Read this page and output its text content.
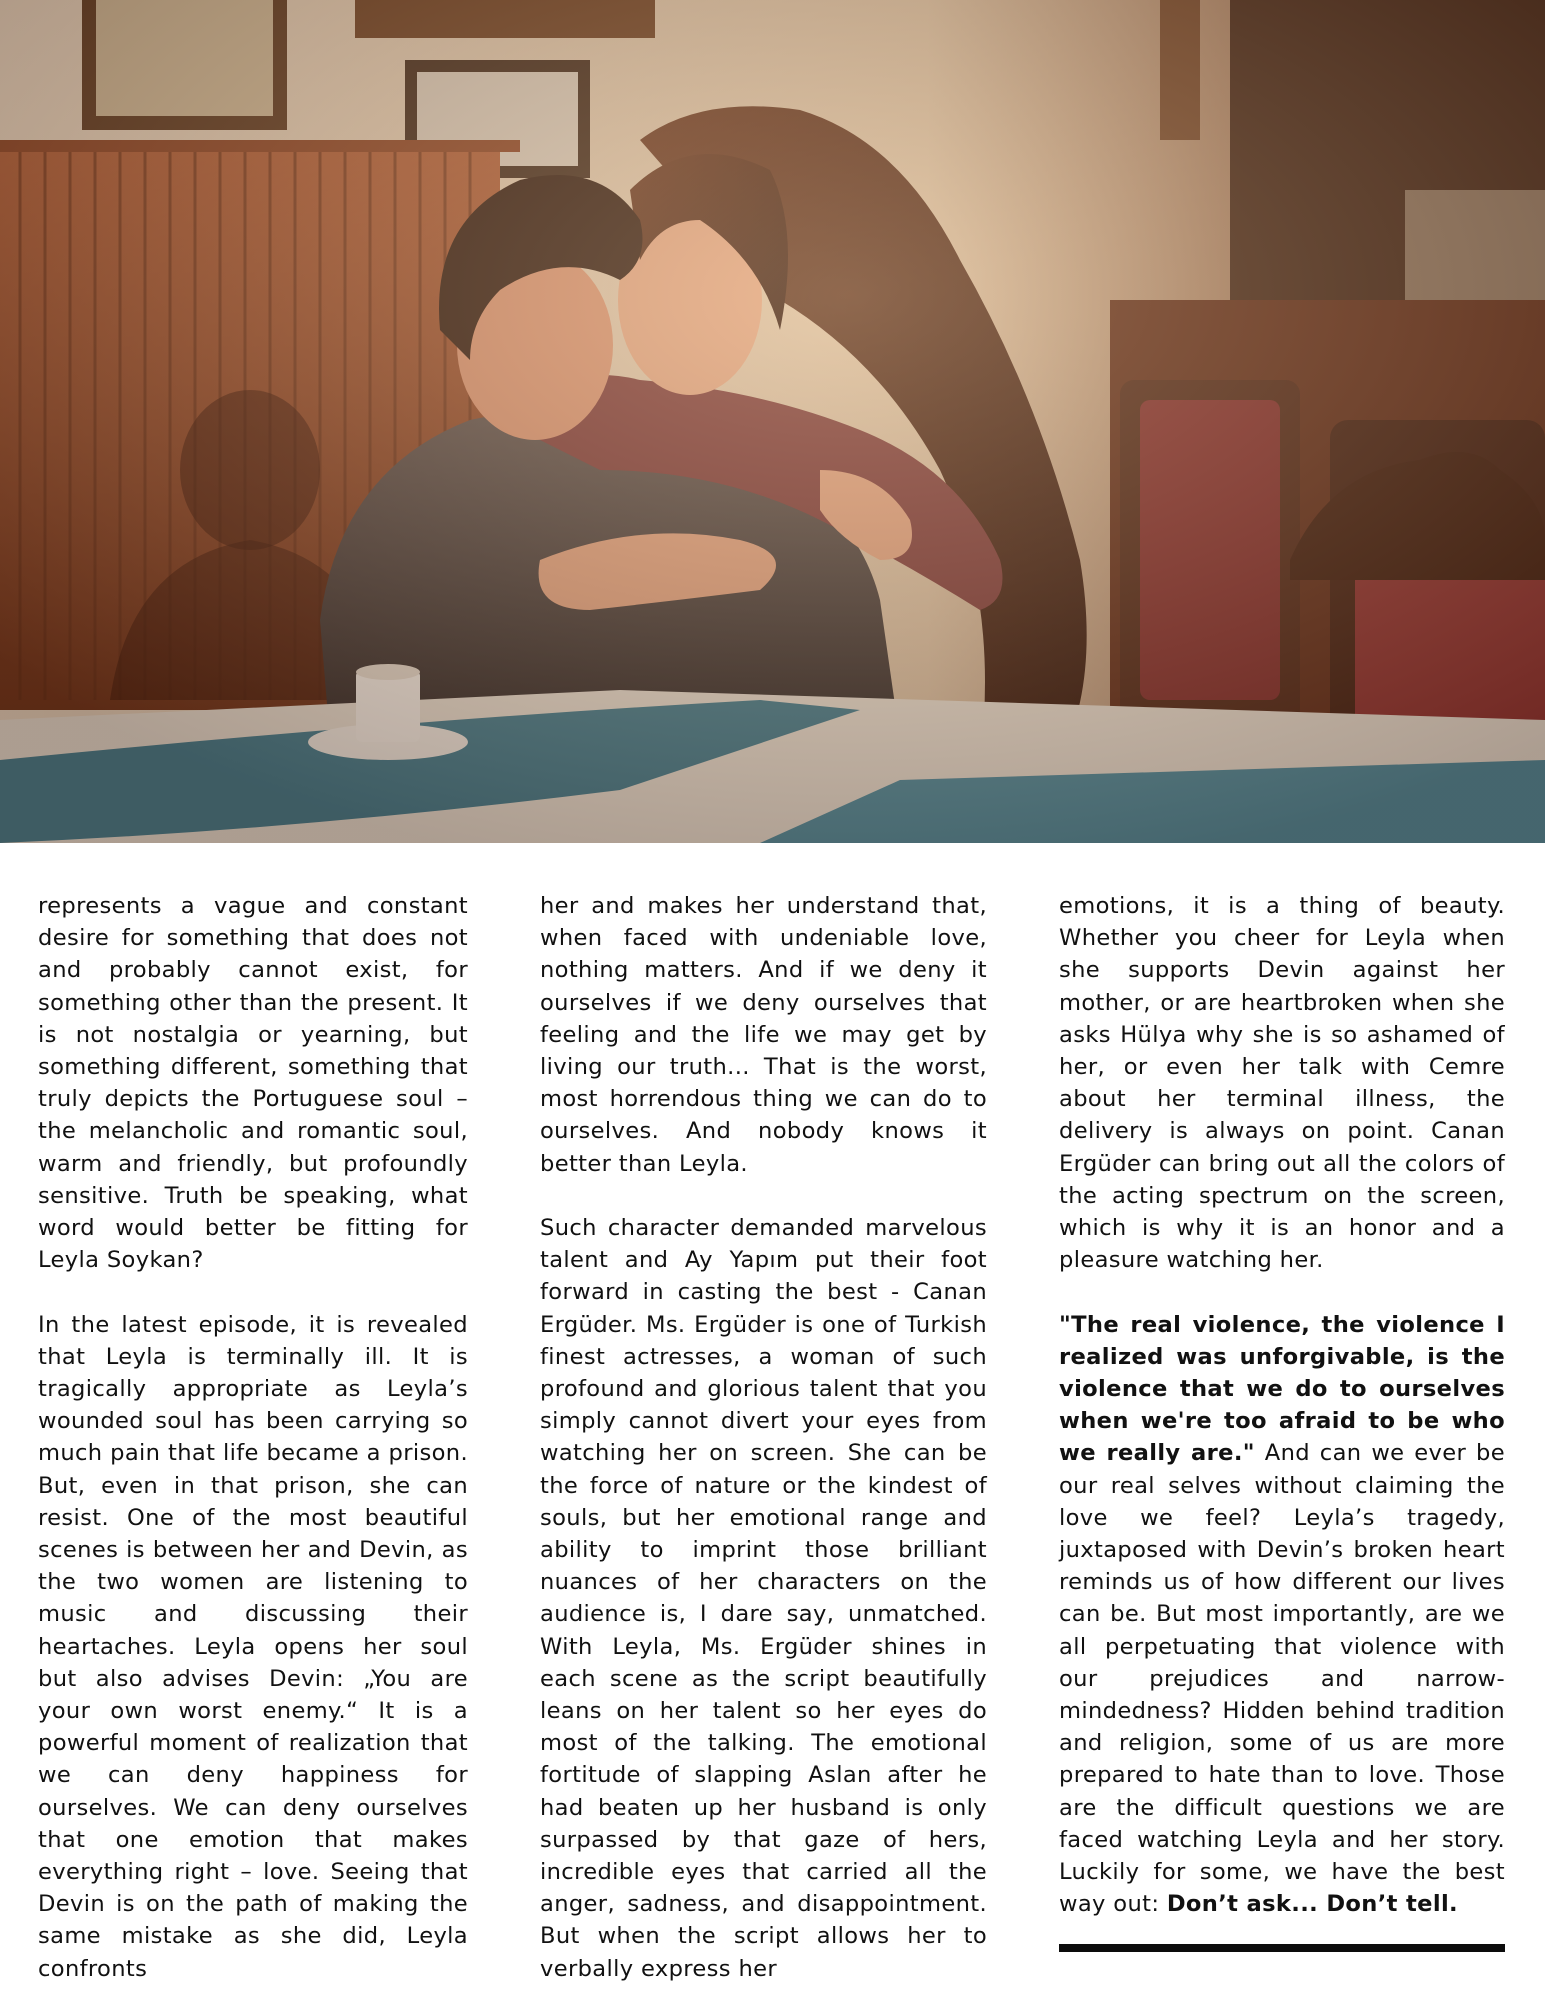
represents a vague and constant desire for something that does not and probably cannot exist, for something other than the present. It is not nostalgia or yearning, but something different, something that truly depicts the Portuguese soul – the melancholic and romantic soul, warm and friendly, but profoundly sensitive. Truth be speaking, what word would better be fitting for Leyla Soykan?

In the latest episode, it is revealed that Leyla is terminally ill. It is tragically appropriate as Leyla’s wounded soul has been carrying so much pain that life became a prison. But, even in that prison, she can resist. One of the most beautiful scenes is between her and Devin, as the two women are listening to music and discussing their heartaches. Leyla opens her soul but also advises Devin: „You are your own worst enemy.“ It is a powerful moment of realization that we can deny happiness for ourselves. We can deny ourselves that one emotion that makes everything right – love. Seeing that Devin is on the path of making the same mistake as she did, Leyla confronts

her and makes her understand that, when faced with undeniable love, nothing matters. And if we deny it ourselves if we deny ourselves that feeling and the life we may get by living our truth... That is the worst, most horrendous thing we can do to ourselves. And nobody knows it better than Leyla.

Such character demanded marvelous talent and Ay Yapım put their foot forward in casting the best - Canan Ergüder. Ms. Ergüder is one of Turkish finest actresses, a woman of such profound and glorious talent that you simply cannot divert your eyes from watching her on screen. She can be the force of nature or the kindest of souls, but her emotional range and ability to imprint those brilliant nuances of her characters on the audience is, I dare say, unmatched. With Leyla, Ms. Ergüder shines in each scene as the script beautifully leans on her talent so her eyes do most of the talking. The emotional fortitude of slapping Aslan after he had beaten up her husband is only surpassed by that gaze of hers, incredible eyes that carried all the anger, sadness, and disappointment. But when the script allows her to verbally express her

emotions, it is a thing of beauty. Whether you cheer for Leyla when she supports Devin against her mother, or are heartbroken when she asks Hülya why she is so ashamed of her, or even her talk with Cemre about her terminal illness, the delivery is always on point. Canan Ergüder can bring out all the colors of the acting spectrum on the screen, which is why it is an honor and a pleasure watching her.

"The real violence, the violence I realized was unforgivable, is the violence that we do to ourselves when we're too afraid to be who we really are." And can we ever be our real selves without claiming the love we feel? Leyla’s tragedy, juxtaposed with Devin’s broken heart reminds us of how different our lives can be. But most importantly, are we all perpetuating that violence with our prejudices and narrow-mindedness? Hidden behind tradition and religion, some of us are more prepared to hate than to love. Those are the difficult questions we are faced watching Leyla and her story. Luckily for some, we have the best way out: Don’t ask... Don’t tell.
